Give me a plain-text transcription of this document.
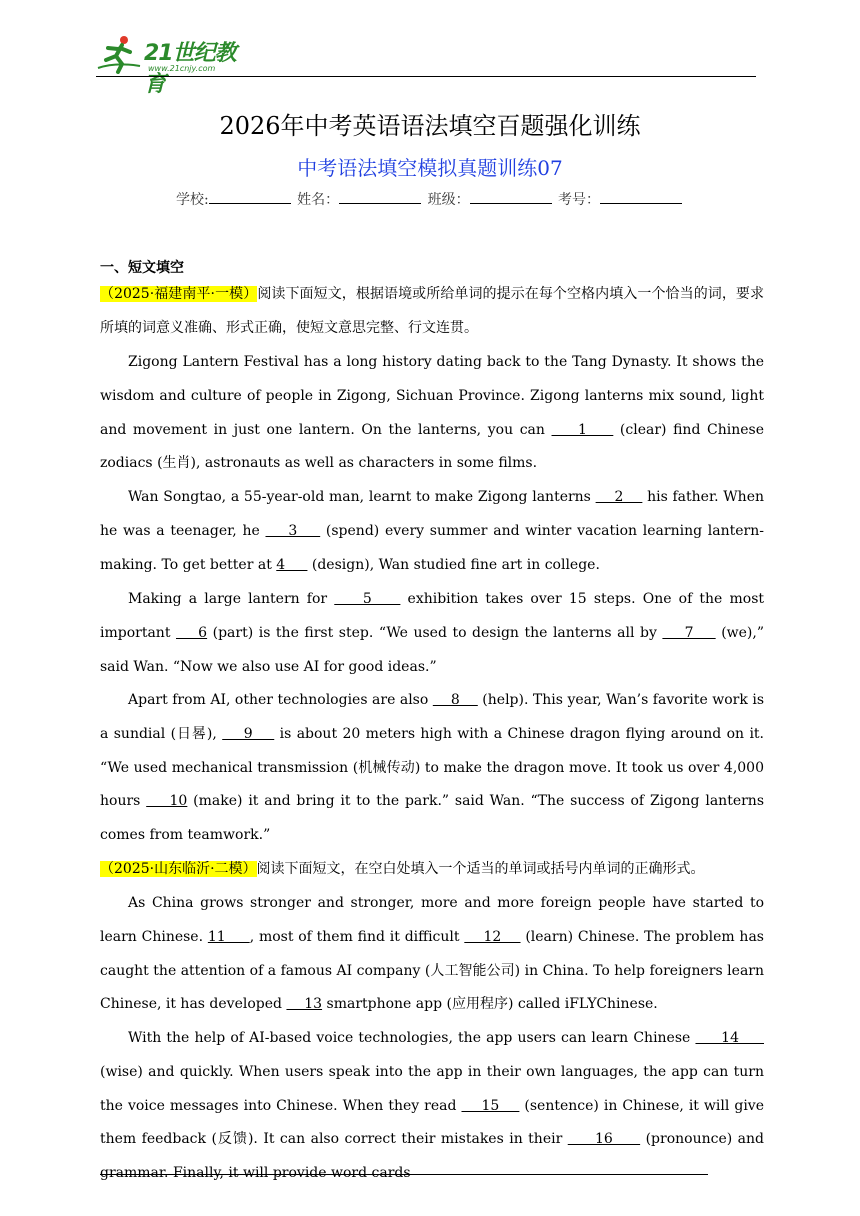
21世纪教育
www.21cnjy.com
2026年中考英语语法填空百题强化训练
中考语法填空模拟真题训练07
学校:	姓名：	班级：	考号：
一、短文填空
（2025·福建南平·一模）阅读下面短文，根据语境或所给单词的提示在每个空格内填入一个恰当的词，要求所填的词意义准确、形式正确，使短文意思完整、行文连贯。
Zigong Lantern Festival has a long history dating back to the Tang Dynasty. It shows the wisdom and culture of people in Zigong, Sichuan Province. Zigong lanterns mix sound, light and movement in just one lantern. On the lanterns, you can     1     (clear) find Chinese zodiacs (生肖), astronauts as well as characters in some films.
Wan Songtao, a 55-year-old man, learnt to make Zigong lanterns     2     his father. When he was a teenager, he     3     (spend) every summer and winter vacation learning lantern-making. To get better at 4      (design), Wan studied fine art in college.
Making a large lantern for     5     exhibition takes over 15 steps. One of the most important     6 (part) is the first step. “We used to design the lanterns all by     7     (we),” said Wan. “Now we also use AI for good ideas.”
Apart from AI, other technologies are also     8     (help). This year, Wan’s favorite work is a sundial (日晷),     9     is about 20 meters high with a Chinese dragon flying around on it. “We used mechanical transmission (机械传动) to make the dragon move. It took us over 4,000 hours     10 (make) it and bring it to the park.” said Wan. “The success of Zigong lanterns comes from teamwork.”
（2025·山东临沂·二模）阅读下面短文，在空白处填入一个适当的单词或括号内单词的正确形式。
As China grows stronger and stronger, more and more foreign people have started to learn Chinese. 11     , most of them find it difficult     12     (learn) Chinese. The problem has caught the attention of a famous AI company (人工智能公司) in China. To help foreigners learn Chinese, it has developed     13 smartphone app (应用程序) called iFLYChinese.
With the help of AI-based voice technologies, the app users can learn Chinese      14      (wise) and quickly. When users speak into the app in their own languages, the app can turn the voice messages into Chinese. When they read     15     (sentence) in Chinese, it will give them feedback (反馈). It can also correct their mistakes in their      16      (pronounce) and grammar. Finally, it will provide word cards
